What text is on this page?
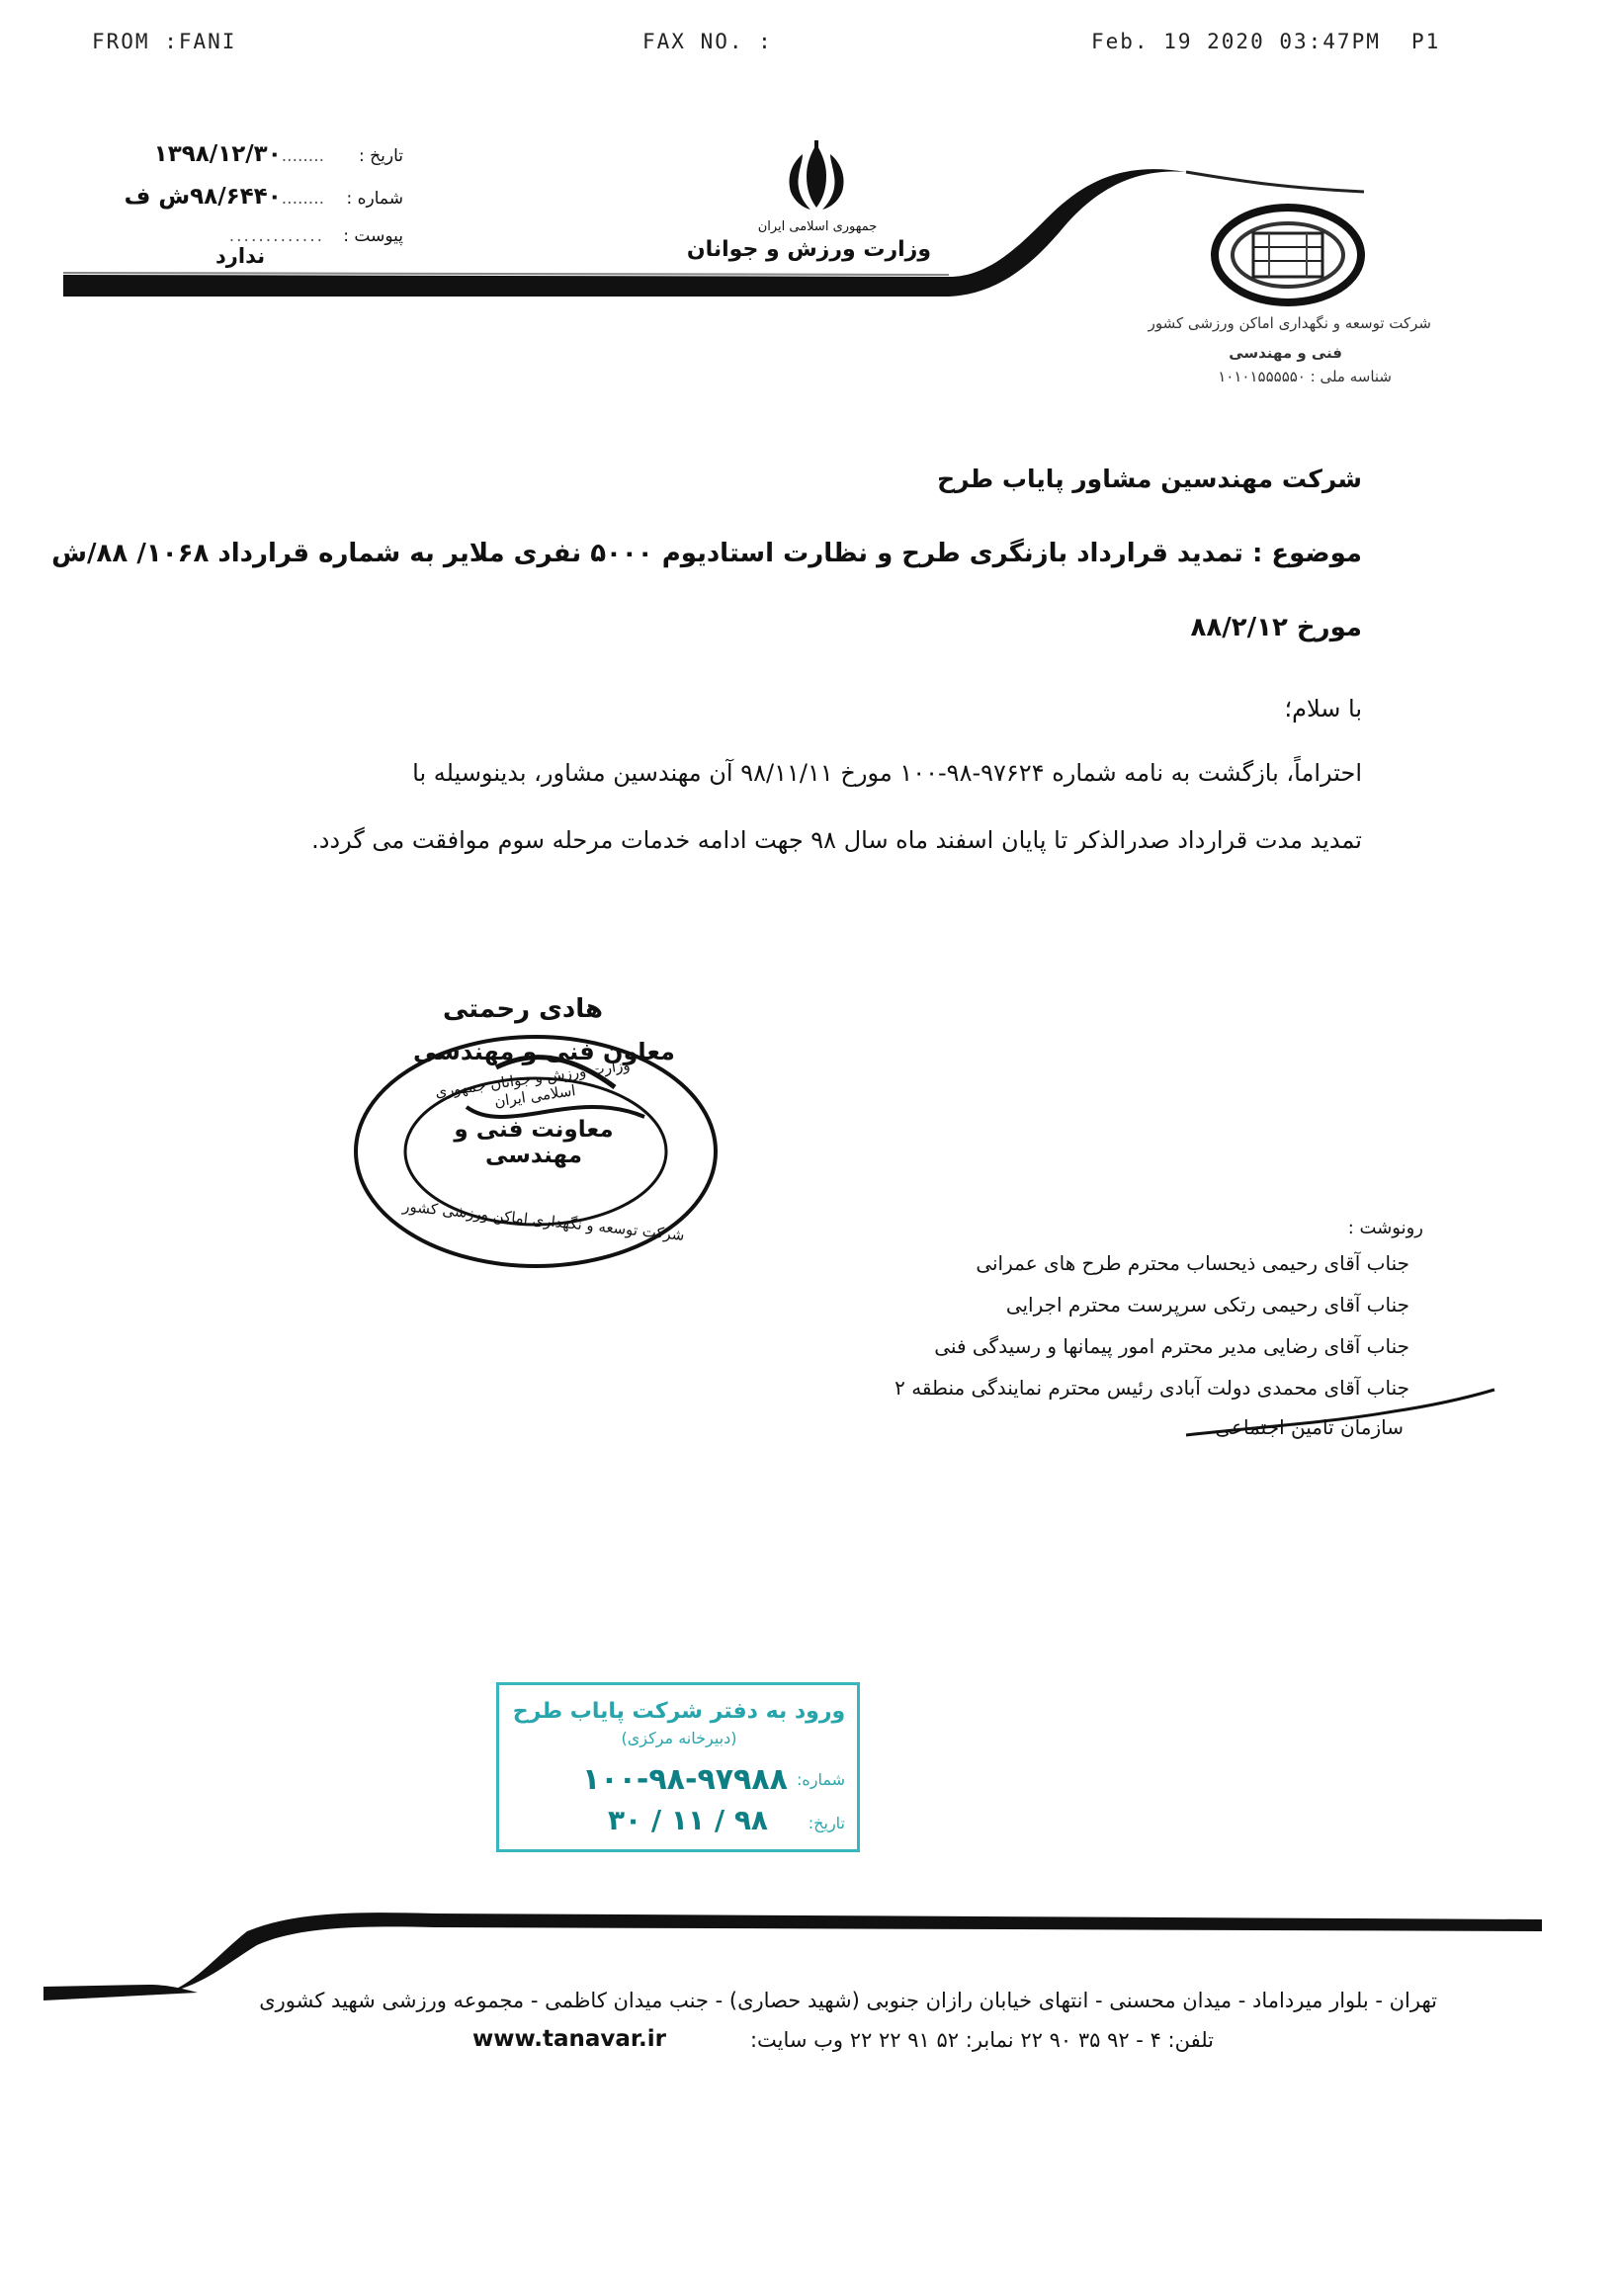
FROM :FANI	FAX NO. :	Feb. 19 2020 03:47PM P1
تاریخ :........۱۳۹۸/۱۲/۳۰
شماره :........۹۸/۶۴۴۰ش ف
پیوست :.............
ندارد
جمهوری اسلامی ایران
وزارت ورزش و جوانان
شرکت توسعه و نگهداری اماکن ورزشی کشور
فنی و مهندسی
شناسه ملی : ۱۰۱۰۱۵۵۵۵۵۰
شرکت مهندسین مشاور پایاب طرح
موضوع : تمدید قرارداد بازنگری طرح و نظارت استادیوم ۵۰۰۰ نفری ملایر به شماره قرارداد ۱۰۶۸/ ۸۸/ش
مورخ ۸۸/۲/۱۲
با سلام؛
احتراماً، بازگشت به نامه شماره ۹۷۶۲۴-۹۸-۱۰۰ مورخ ۹۸/۱۱/۱۱ آن مهندسین مشاور، بدینوسیله با
تمدید مدت قرارداد صدرالذکر تا پایان اسفند ماه سال ۹۸ جهت ادامه خدمات مرحله سوم موافقت می گردد.
هادی رحمتی
معاون فنی و مهندسی
معاونت فنی و مهندسی
وزارت ورزش و جوانان جمهوری اسلامی ایران
شرکت توسعه و نگهداری اماکن ورزشی کشور	رونوشت :
جناب آقای رحیمی ذیحساب محترم طرح های عمرانی
جناب آقای رحیمی رتکی سرپرست محترم اجرایی
جناب آقای رضایی مدیر محترم امور پیمانها و رسیدگی فنی
جناب آقای محمدی دولت آبادی رئیس محترم نمایندگی منطقه ۲
سازمان تامین اجتماعی
ورود به دفتر شرکت پایاب طرح
(دبیرخانه مرکزی)
شماره:
۱۰۰-۹۸-۹۷۹۸۸
تاریخ:
۹۸ / ۱۱ / ۳۰
تهران - بلوار میرداماد - میدان محسنی - انتهای خیابان رازان جنوبی (شهید حصاری) - جنب میدان کاظمی - مجموعه ورزشی شهید کشوری
تلفن: ۴ - ۹۲ ۳۵ ۹۰ ۲۲ نمابر: ۵۲ ۹۱ ۲۲ ۲۲ وب سایت:
www.tanavar.ir
